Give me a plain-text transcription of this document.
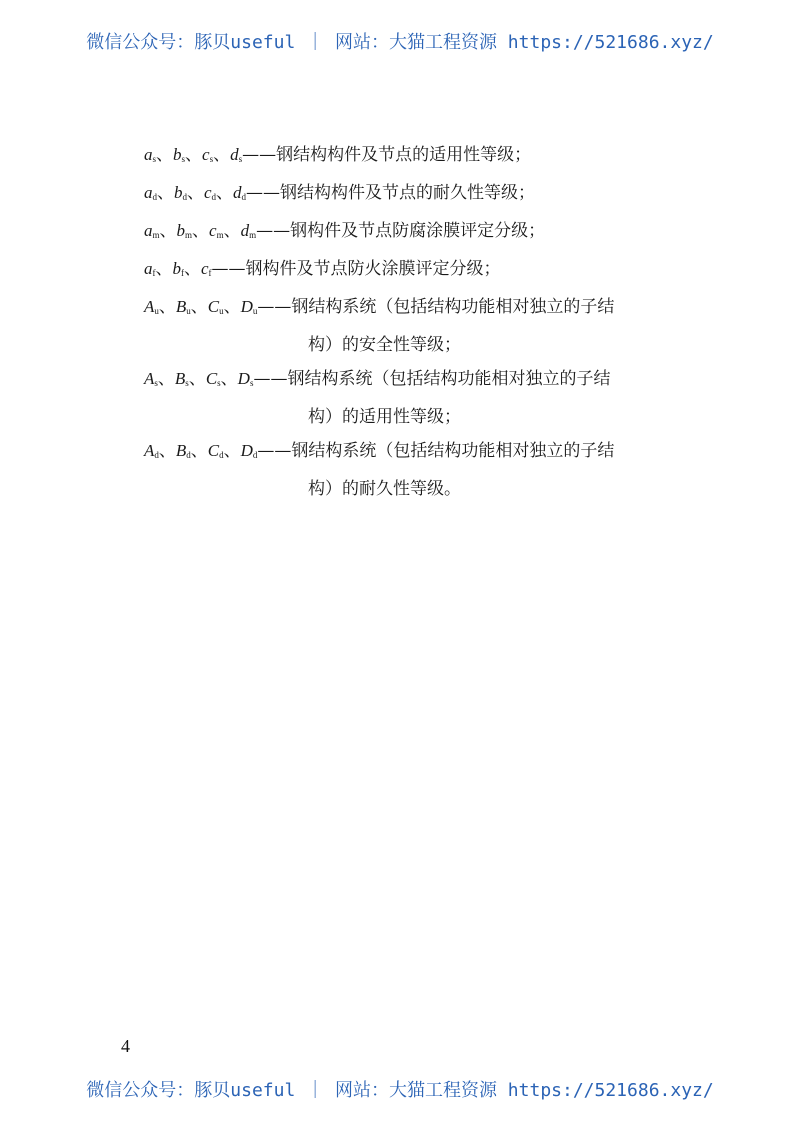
微信公众号：豚贝useful ｜ 网站：大猫工程资源 https://521686.xyz/
$a_s$、$b_s$、$c_s$、$d_s——$钢结构构件及节点的适用性等级；
$a_d$、$b_d$、$c_d$、$d_d——$钢结构构件及节点的耐久性等级；
$a_m$、$b_m$、$c_m$、$d_m——$钢构件及节点防腐涂膜评定分级；
$a_f$、$b_f$、$c_f——$钢构件及节点防火涂膜评定分级；
$A_u$、$B_u$、$C_u$、$D_u——$钢结构系统（包括结构功能相对独立的子结
构）的安全性等级；
$A_s$、$B_s$、$C_s$、$D_s——$钢结构系统（包括结构功能相对独立的子结
构）的适用性等级；
$A_d$、$B_d$、$C_d$、$D_d——$钢结构系统（包括结构功能相对独立的子结
构）的耐久性等级。
4
微信公众号：豚贝useful ｜ 网站：大猫工程资源 https://521686.xyz/
